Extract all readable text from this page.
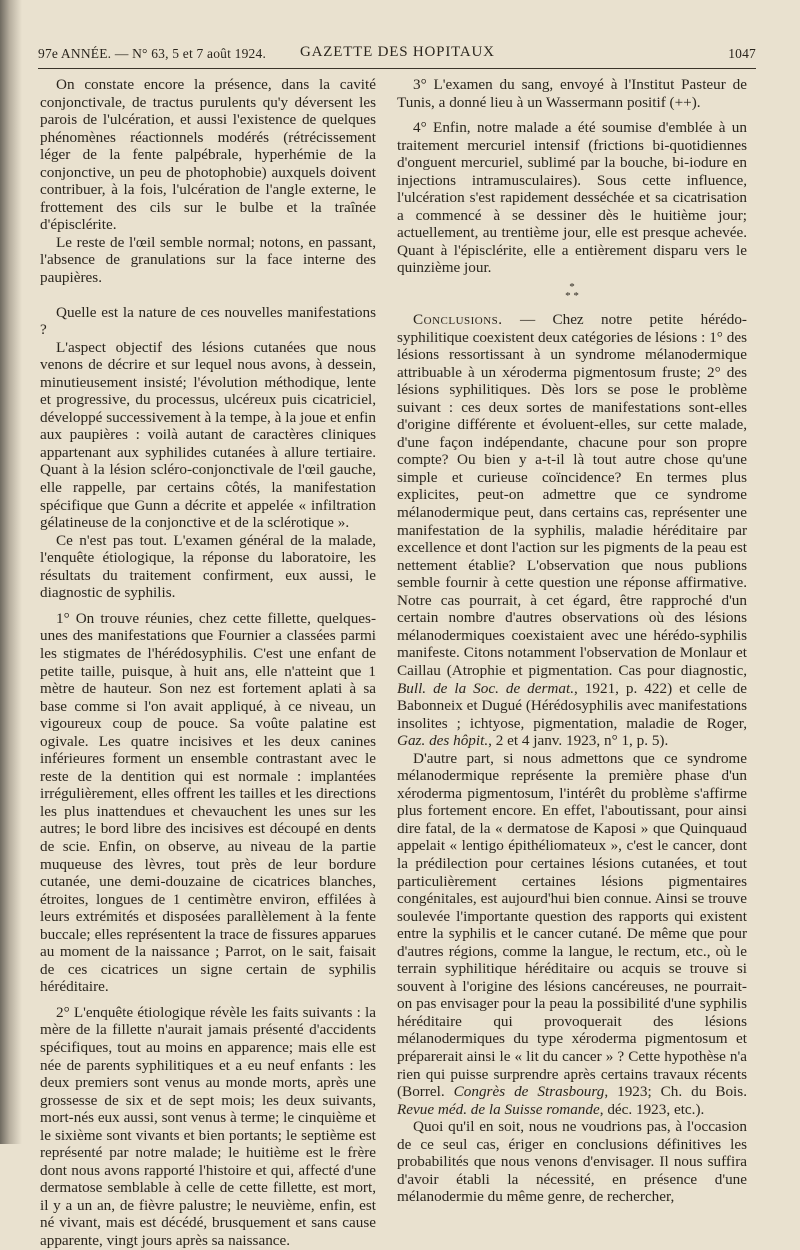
97e ANNÉE. — N° 63, 5 et 7 août 1924. GAZETTE DES HOPITAUX	1047

On constate encore la présence, dans la cavité conjonctivale, de tractus purulents qu'y déversent les parois de l'ulcération, et aussi l'existence de quelques phénomènes réactionnels modérés (rétrécissement léger de la fente palpébrale, hyperhémie de la conjonctive, un peu de photophobie) auxquels doivent contribuer, à la fois, l'ulcération de l'angle externe, le frottement des cils sur le bulbe et la traînée d'épisclérite.

Le reste de l'œil semble normal; notons, en passant, l'absence de granulations sur la face interne des paupières.

Quelle est la nature de ces nouvelles manifestations ?

L'aspect objectif des lésions cutanées que nous venons de décrire et sur lequel nous avons, à dessein, minutieusement insisté; l'évolution méthodique, lente et progressive, du processus, ulcéreux puis cicatriciel, développé successivement à la tempe, à la joue et enfin aux paupières : voilà autant de caractères cliniques appartenant aux syphilides cutanées à allure tertiaire. Quant à la lésion scléro-conjonctivale de l'œil gauche, elle rappelle, par certains côtés, la manifestation spécifique que Gunn a décrite et appelée « infiltration gélatineuse de la conjonctive et de la sclérotique ».

Ce n'est pas tout. L'examen général de la malade, l'enquête étiologique, la réponse du laboratoire, les résultats du traitement confirment, eux aussi, le diagnostic de syphilis.

1° On trouve réunies, chez cette fillette, quelques-unes des manifestations que Fournier a classées parmi les stigmates de l'hérédosyphilis. C'est une enfant de petite taille, puisque, à huit ans, elle n'atteint que 1 mètre de hauteur. Son nez est fortement aplati à sa base comme si l'on avait appliqué, à ce niveau, un vigoureux coup de pouce. Sa voûte palatine est ogivale. Les quatre incisives et les deux canines inférieures forment un ensemble contrastant avec le reste de la dentition qui est normale : implantées irrégulièrement, elles offrent les tailles et les directions les plus inattendues et chevauchent les unes sur les autres; le bord libre des incisives est découpé en dents de scie. Enfin, on observe, au niveau de la partie muqueuse des lèvres, tout près de leur bordure cutanée, une demi-douzaine de cicatrices blanches, étroites, longues de 1 centimètre environ, effilées à leurs extrémités et disposées parallèlement à la fente buccale; elles représentent la trace de fissures apparues au moment de la naissance ; Parrot, on le sait, faisait de ces cicatrices un signe certain de syphilis héréditaire.

2° L'enquête étiologique révèle les faits suivants : la mère de la fillette n'aurait jamais présenté d'accidents spécifiques, tout au moins en apparence; mais elle est née de parents syphilitiques et a eu neuf enfants : les deux premiers sont venus au monde morts, après une grossesse de six et de sept mois; les deux suivants, mort-nés eux aussi, sont venus à terme; le cinquième et le sixième sont vivants et bien portants; le septième est représenté par notre malade; le huitième est le frère dont nous avons rapporté l'histoire et qui, affecté d'une dermatose semblable à celle de cette fillette, est mort, il y a un an, de fièvre palustre; le neuvième, enfin, est né vivant, mais est décédé, brusquement et sans cause apparente, vingt jours après sa naissance.

3° L'examen du sang, envoyé à l'Institut Pasteur de Tunis, a donné lieu à un Wassermann positif (++).

4° Enfin, notre malade a été soumise d'emblée à un traitement mercuriel intensif (frictions bi-quotidiennes d'onguent mercuriel, sublimé par la bouche, bi-iodure en injections intramusculaires). Sous cette influence, l'ulcération s'est rapidement desséchée et sa cicatrisation a commencé à se dessiner dès le huitième jour; actuellement, au trentième jour, elle est presque achevée. Quant à l'épisclérite, elle a entièrement disparu vers le quinzième jour.

*
* *

Conclusions. — Chez notre petite hérédo-syphilitique coexistent deux catégories de lésions : 1° des lésions ressortissant à un syndrome mélanodermique attribuable à un xéroderma pigmentosum fruste; 2° des lésions syphilitiques. Dès lors se pose le problème suivant : ces deux sortes de manifestations sont-elles d'origine différente et évoluent-elles, sur cette malade, d'une façon indépendante, chacune pour son propre compte? Ou bien y a-t-il là tout autre chose qu'une simple et curieuse coïncidence? En termes plus explicites, peut-on admettre que ce syndrome mélanodermique peut, dans certains cas, représenter une manifestation de la syphilis, maladie héréditaire par excellence et dont l'action sur les pigments de la peau est nettement établie? L'observation que nous publions semble fournir à cette question une réponse affirmative. Notre cas pourrait, à cet égard, être rapproché d'un certain nombre d'autres observations où des lésions mélanodermiques coexistaient avec une hérédo-syphilis manifeste. Citons notamment l'observation de Monlaur et Caillau (Atrophie et pigmentation. Cas pour diagnostic, Bull. de la Soc. de dermat., 1921, p. 422) et celle de Babonneix et Dugué (Hérédosyphilis avec manifestations insolites ; ichtyose, pigmentation, maladie de Roger, Gaz. des hôpit., 2 et 4 janv. 1923, n° 1, p. 5).

D'autre part, si nous admettons que ce syndrome mélanodermique représente la première phase d'un xéroderma pigmentosum, l'intérêt du problème s'affirme plus fortement encore. En effet, l'aboutissant, pour ainsi dire fatal, de la « dermatose de Kaposi » que Quinquaud appelait « lentigo épithéliomateux », c'est le cancer, dont la prédilection pour certaines lésions cutanées, et tout particulièrement certaines lésions pigmentaires congénitales, est aujourd'hui bien connue. Ainsi se trouve soulevée l'importante question des rapports qui existent entre la syphilis et le cancer cutané. De même que pour d'autres régions, comme la langue, le rectum, etc., où le terrain syphilitique héréditaire ou acquis se trouve si souvent à l'origine des lésions cancéreuses, ne pourrait-on pas envisager pour la peau la possibilité d'une syphilis héréditaire qui provoquerait des lésions mélanodermiques du type xéroderma pigmentosum et préparerait ainsi le « lit du cancer » ? Cette hypothèse n'a rien qui puisse surprendre après certains travaux récents (Borrel. Congrès de Strasbourg, 1923; Ch. du Bois. Revue méd. de la Suisse romande, déc. 1923, etc.).

Quoi qu'il en soit, nous ne voudrions pas, à l'occasion de ce seul cas, ériger en conclusions définitives les probabilités que nous venons d'envisager. Il nous suffira d'avoir établi la nécessité, en présence d'une mélanodermie du même genre, de rechercher,
